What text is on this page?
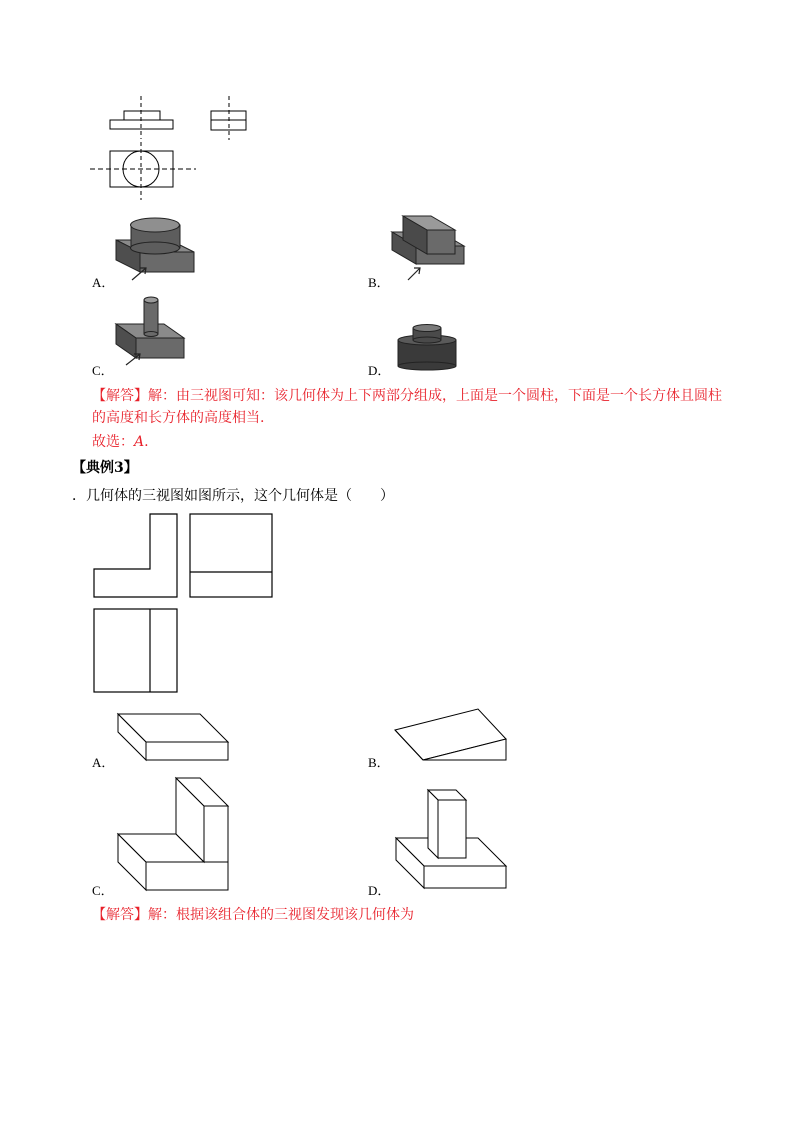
A．	B．
C．	D．
【解答】解：由三视图可知：该几何体为上下两部分组成，上面是一个圆柱，下面是一个长方体且圆柱
的高度和长方体的高度相当.
故选：A.
【典例3】
．几何体的三视图如图所示，这个几何体是（　　）
A．	B．
C．	D．
【解答】解：根据该组合体的三视图发现该几何体为
